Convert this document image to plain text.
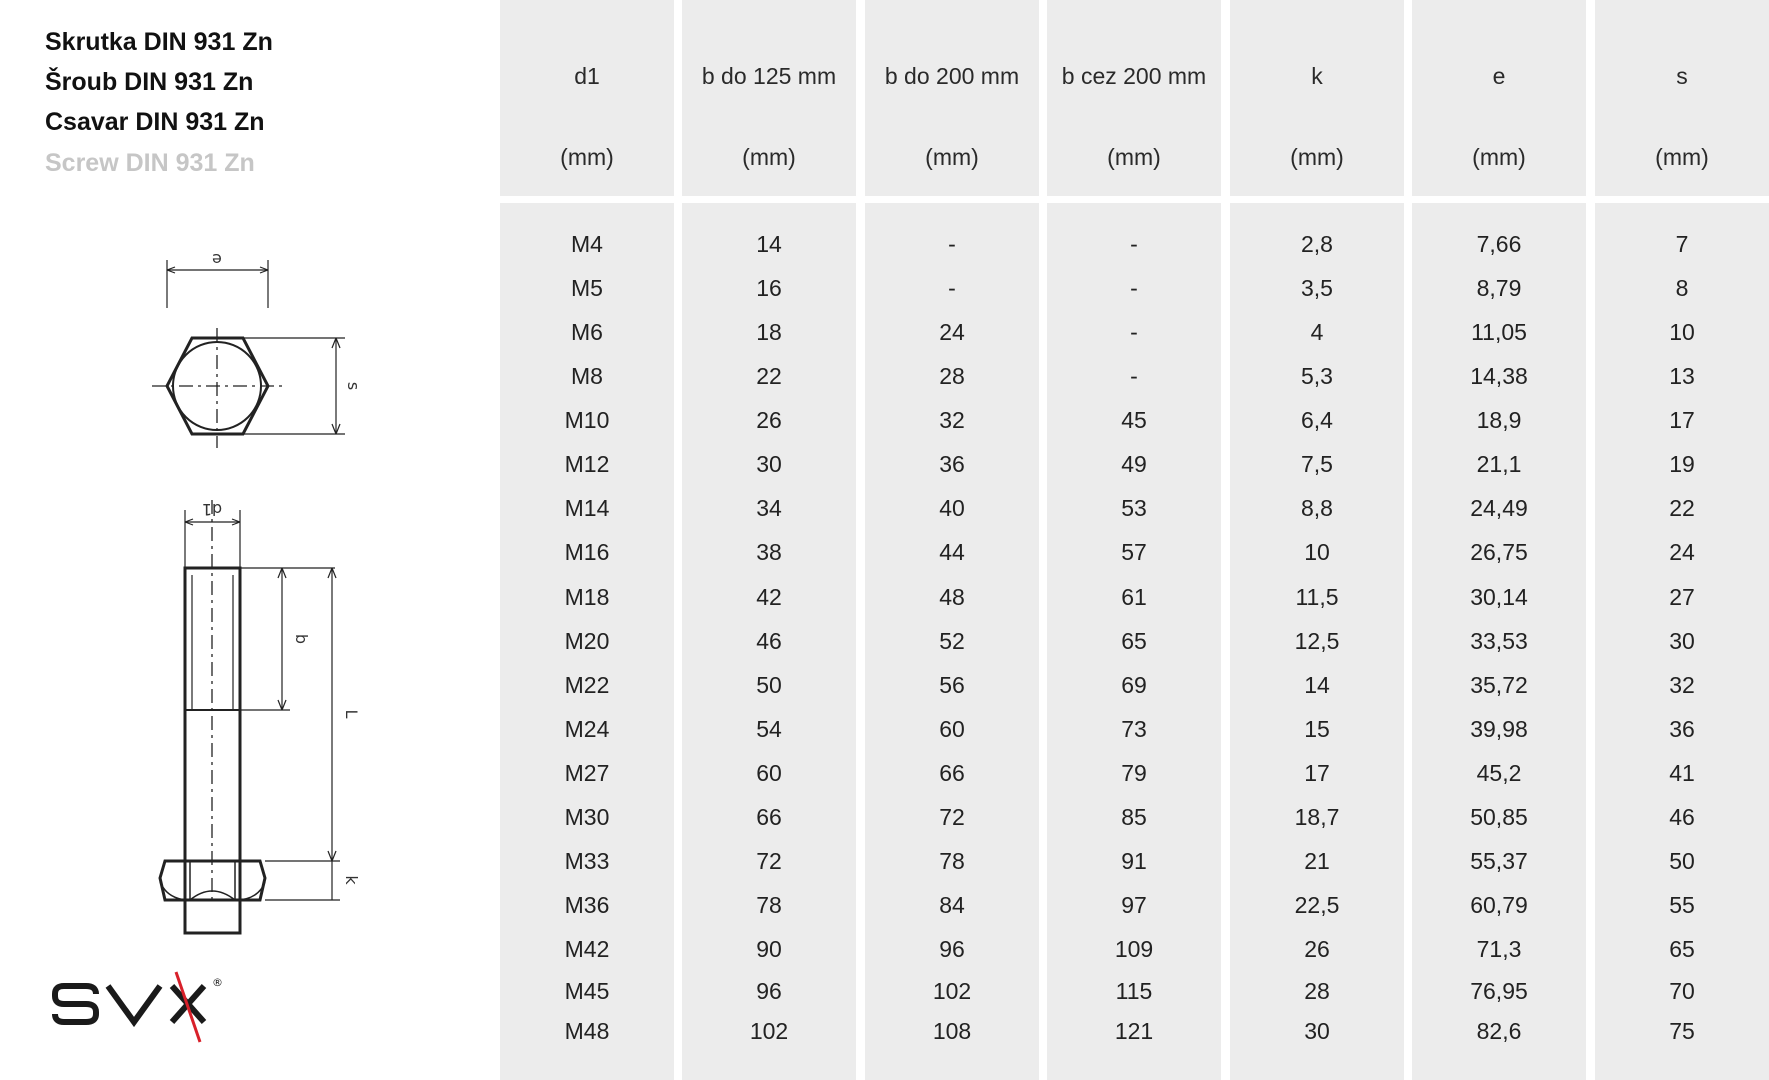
Skrutka DIN 931 Zn
Šroub DIN 931 Zn
Csavar DIN 931 Zn
Screw DIN 931 Zn
e
s
d1
b
L
k
®
d1
(mm)
M4
M5
M6
M8
M10
M12
M14
M16
M18
M20
M22
M24
M27
M30
M33
M36
M42
M45
M48
b do 125 mm
(mm)
14
16
18
22
26
30
34
38
42
46
50
54
60
66
72
78
90
96
102
b do 200 mm
(mm)
-
-
24
28
32
36
40
44
48
52
56
60
66
72
78
84
96
102
108
b cez 200 mm
(mm)
-
-
-
-
45
49
53
57
61
65
69
73
79
85
91
97
109
115
121
k
(mm)
2,8
3,5
4
5,3
6,4
7,5
8,8
10
11,5
12,5
14
15
17
18,7
21
22,5
26
28
30
e
(mm)
7,66
8,79
11,05
14,38
18,9
21,1
24,49
26,75
30,14
33,53
35,72
39,98
45,2
50,85
55,37
60,79
71,3
76,95
82,6
s
(mm)
7
8
10
13
17
19
22
24
27
30
32
36
41
46
50
55
65
70
75
